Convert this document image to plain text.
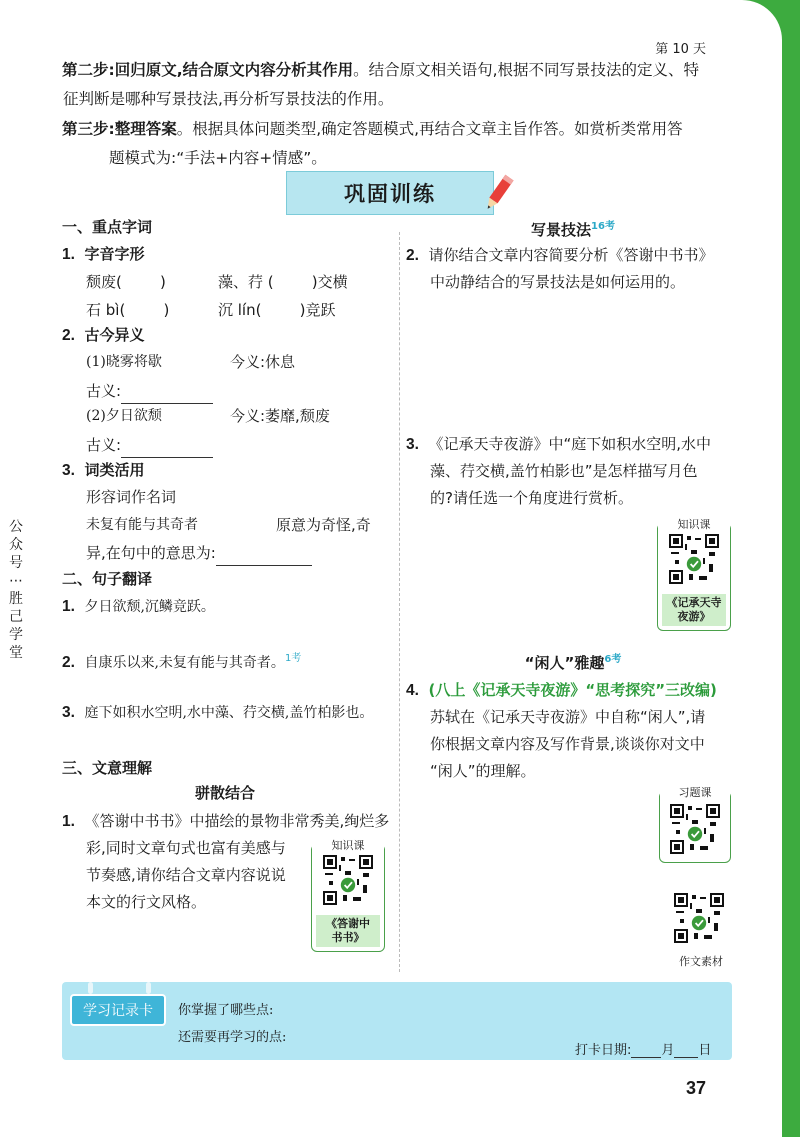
第 10 天
第二步:回归原文,结合原文内容分析其作用。结合原文相关语句,根据不同写景技法的定义、特
征判断是哪种写景技法,再分析写景技法的作用。
第三步:整理答案。根据具体问题类型,确定答题模式,再结合文章主旨作答。如赏析类常用答
题模式为:“手法+内容+情感”。
巩固训练
一、重点字词
1. 字音字形
颓废(        )	藻、荇 (        )交横
石 bì(        )	沉 lín(        )竞跃
2. 古今异义
(1)晓雾将歇	今义:休息
古义:
(2)夕日欲颓	今义:萎靡,颓废
古义:
3. 词类活用
形容词作名词
未复有能与其奇者	原意为奇怪,奇
异,在句中的意思为:
二、句子翻译
1. 夕日欲颓,沉鳞竞跃。
2. 自康乐以来,未复有能与其奇者。$^{1考}$
3. 庭下如积水空明,水中藻、荇交横,盖竹柏影也。
三、文意理解
骈散结合
1. 《答谢中书书》中描绘的景物非常秀美,绚烂多
彩,同时文章句式也富有美感与
节奏感,请你结合文章内容说说
本文的行文风格。
知识课
《答谢中
书书》
写景技法$^{16考}$
2. 请你结合文章内容简要分析《答谢中书书》
中动静结合的写景技法是如何运用的。
3. 《记承天寺夜游》中“庭下如积水空明,水中
藻、荇交横,盖竹柏影也”是怎样描写月色
的?请任选一个角度进行赏析。
知识课
《记承天寺
夜游》
“闲人”雅趣$^{6考}$
4. (八上《记承天寺夜游》“思考探究”三改编)
苏轼在《记承天寺夜游》中自称“闲人”,请
你根据文章内容及写作背景,谈谈你对文中
“闲人”的理解。
习题课
作文素材
公
众
号
⋯
胜
己
学
堂
学习记录卡	你掌握了哪些点:
还需要再学习的点:
打卡日期: 月 日
37
